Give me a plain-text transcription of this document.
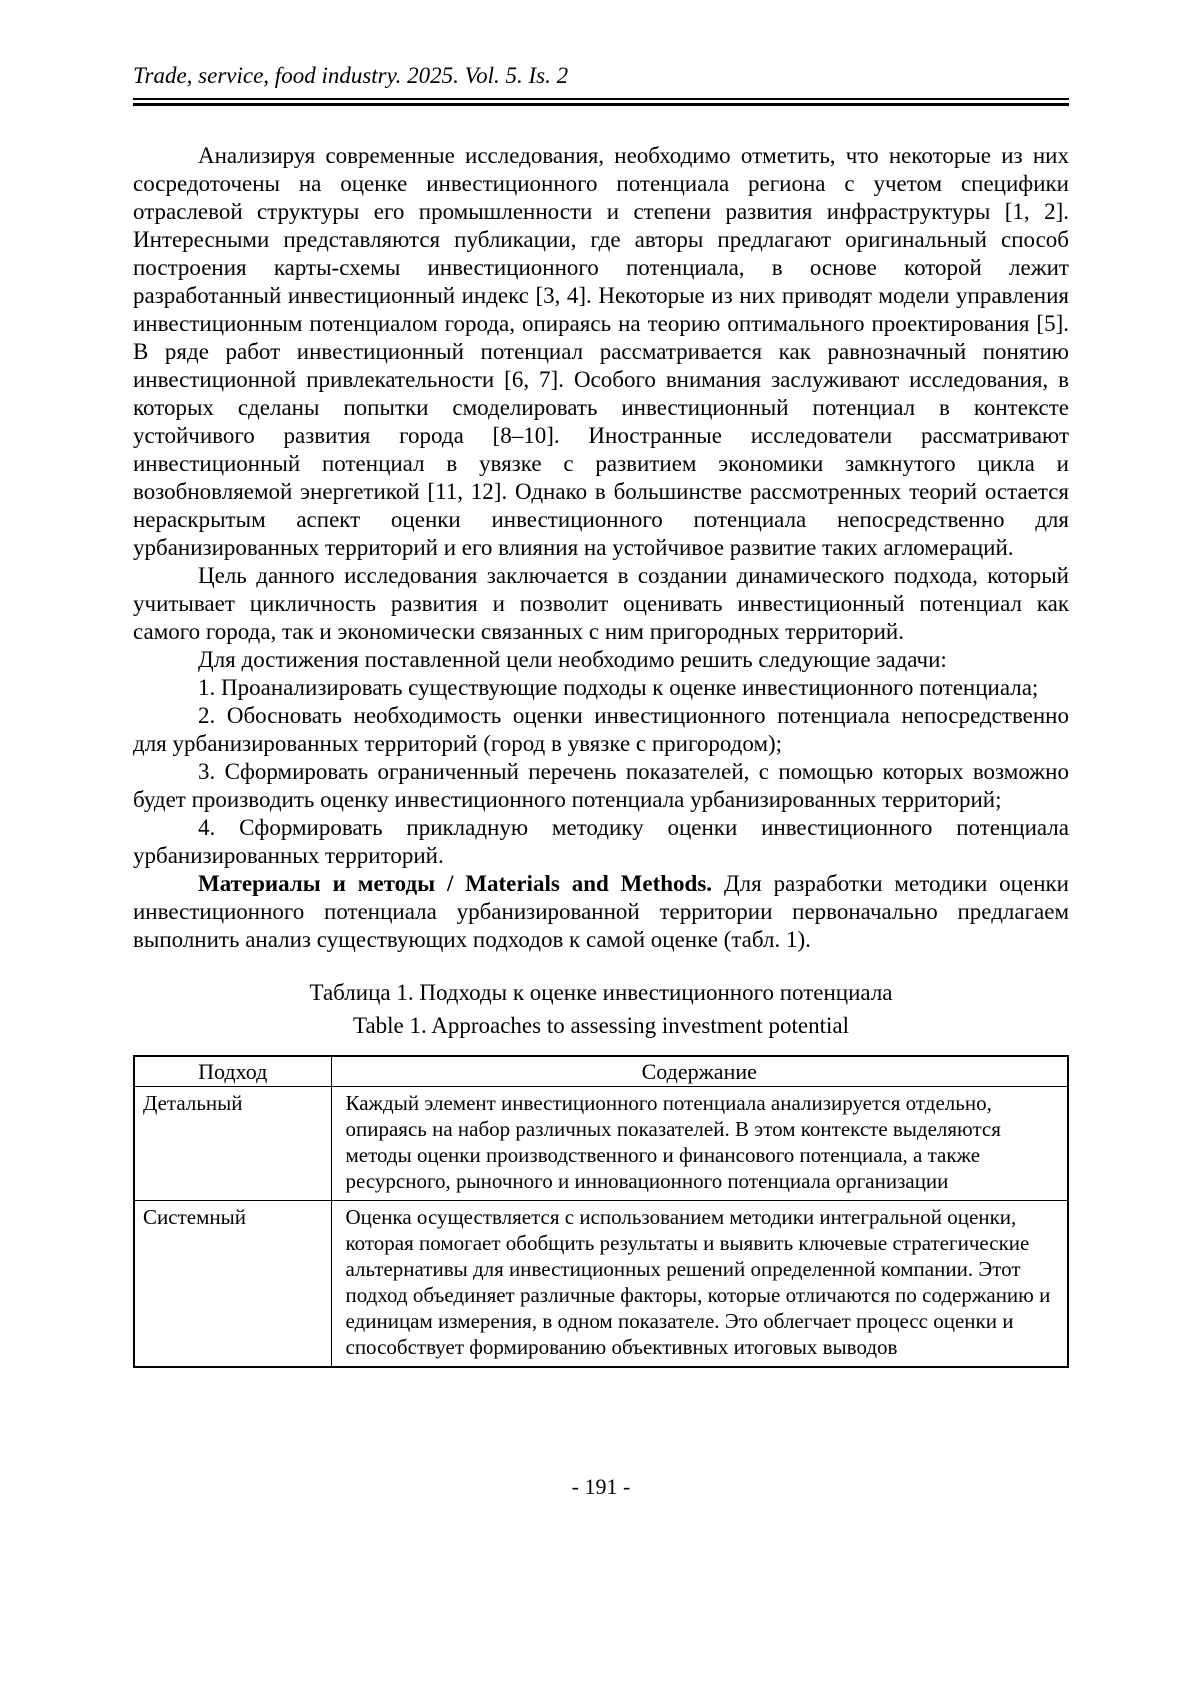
Trade, service, food industry. 2025. Vol. 5. Is. 2

Анализируя современные исследования, необходимо отметить, что некоторые из них сосредоточены на оценке инвестиционного потенциала региона с учетом специфики отраслевой структуры его промышленности и степени развития инфраструктуры [1, 2]. Интересными представляются публикации, где авторы предлагают оригинальный способ построения карты-схемы инвестиционного потенциала, в основе которой лежит разработанный инвестиционный индекс [3, 4]. Некоторые из них приводят модели управления инвестиционным потенциалом города, опираясь на теорию оптимального проектирования [5]. В ряде работ инвестиционный потенциал рассматривается как равнозначный понятию инвестиционной привлекательности [6, 7]. Особого внимания заслуживают исследования, в которых сделаны попытки смоделировать инвестиционный потенциал в контексте устойчивого развития города [8–10]. Иностранные исследователи рассматривают инвестиционный потенциал в увязке с развитием экономики замкнутого цикла и возобновляемой энергетикой [11, 12]. Однако в большинстве рассмотренных теорий остается нераскрытым аспект оценки инвестиционного потенциала непосредственно для урбанизированных территорий и его влияния на устойчивое развитие таких агломераций.

Цель данного исследования заключается в создании динамического подхода, который учитывает цикличность развития и позволит оценивать инвестиционный потенциал как самого города, так и экономически связанных с ним пригородных территорий.

Для достижения поставленной цели необходимо решить следующие задачи:

1. Проанализировать существующие подходы к оценке инвестиционного потенциала;

2. Обосновать необходимость оценки инвестиционного потенциала непосредственно для урбанизированных территорий (город в увязке с пригородом);

3. Сформировать ограниченный перечень показателей, с помощью которых возможно будет производить оценку инвестиционного потенциала урбанизированных территорий;

4. Сформировать прикладную методику оценки инвестиционного потенциала урбанизированных территорий.

Материалы и методы / Materials and Methods. Для разработки методики оценки инвестиционного потенциала урбанизированной территории первоначально предлагаем выполнить анализ существующих подходов к самой оценке (табл. 1).

Таблица 1. Подходы к оценке инвестиционного потенциала
Table 1. Approaches to assessing investment potential
Подход	Содержание
Детальный	Каждый элемент инвестиционного потенциала анализируется отдельно, опираясь на набор различных показателей. В этом контексте выделяются методы оценки производственного и финансового потенциала, а также ресурсного, рыночного и инновационного потенциала организации
Системный	Оценка осуществляется с использованием методики интегральной оценки, которая помогает обобщить результаты и выявить ключевые стратегические альтернативы для инвестиционных решений определенной компании. Этот подход объединяет различные факторы, которые отличаются по содержанию и единицам измерения, в одном показателе. Это облегчает процесс оценки и способствует формированию объективных итоговых выводов
- 191 -
